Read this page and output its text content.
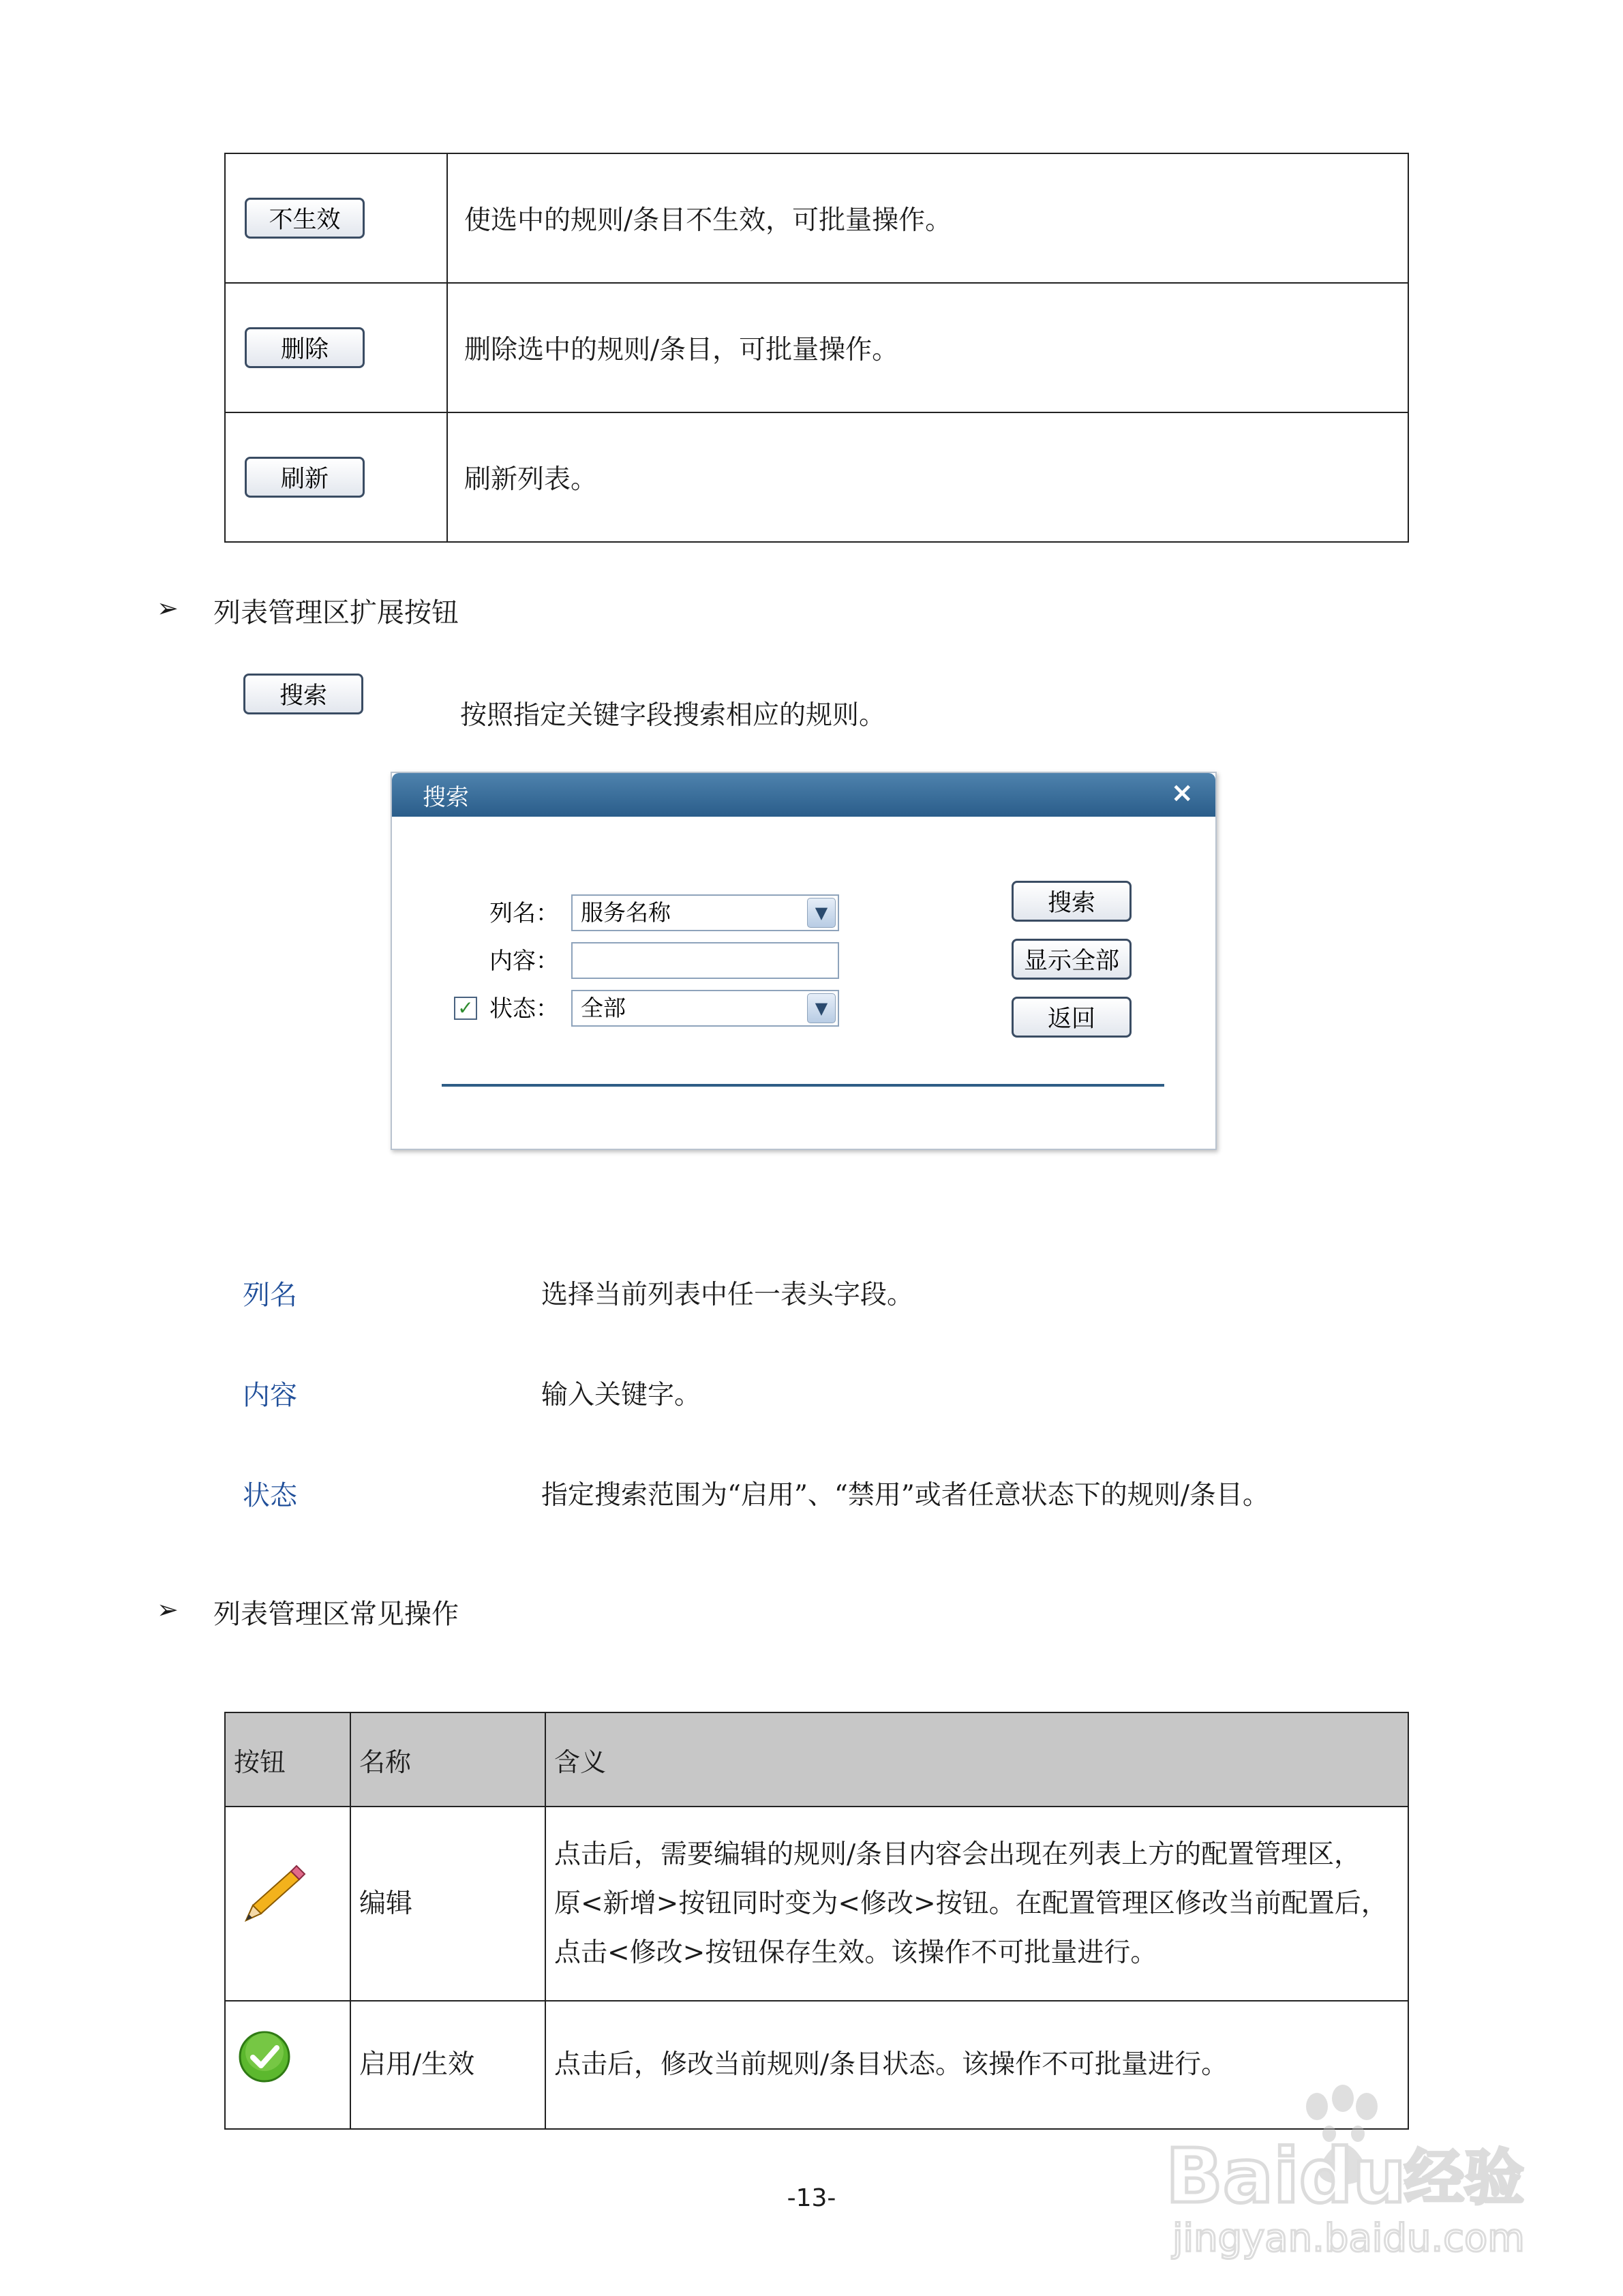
不生效	使选中的规则/条目不生效，可批量操作。
删除	删除选中的规则/条目，可批量操作。
刷新	刷新列表。
➢ 列表管理区扩展按钮
搜索
按照指定关键字段搜索相应的规则。
搜索	×
列名： 服务名称	▼
内容：
✓ 状态： 全部	▼
搜索
显示全部
返回
列名	选择当前列表中任一表头字段。
内容	输入关键字。
状态	指定搜索范围为“启用”、“禁用”或者任意状态下的规则/条目。
➢ 列表管理区常见操作
按钮	名称	含义
	编辑	点击后，需要编辑的规则/条目内容会出现在列表上方的配置管理区，
原<新增>按钮同时变为<修改>按钮。在配置管理区修改当前配置后，
点击<修改>按钮保存生效。该操作不可批量进行。

	启用/生效	点击后，修改当前规则/条目状态。该操作不可批量进行。
-13-	Baidu
经验
jingyan.baidu.com
